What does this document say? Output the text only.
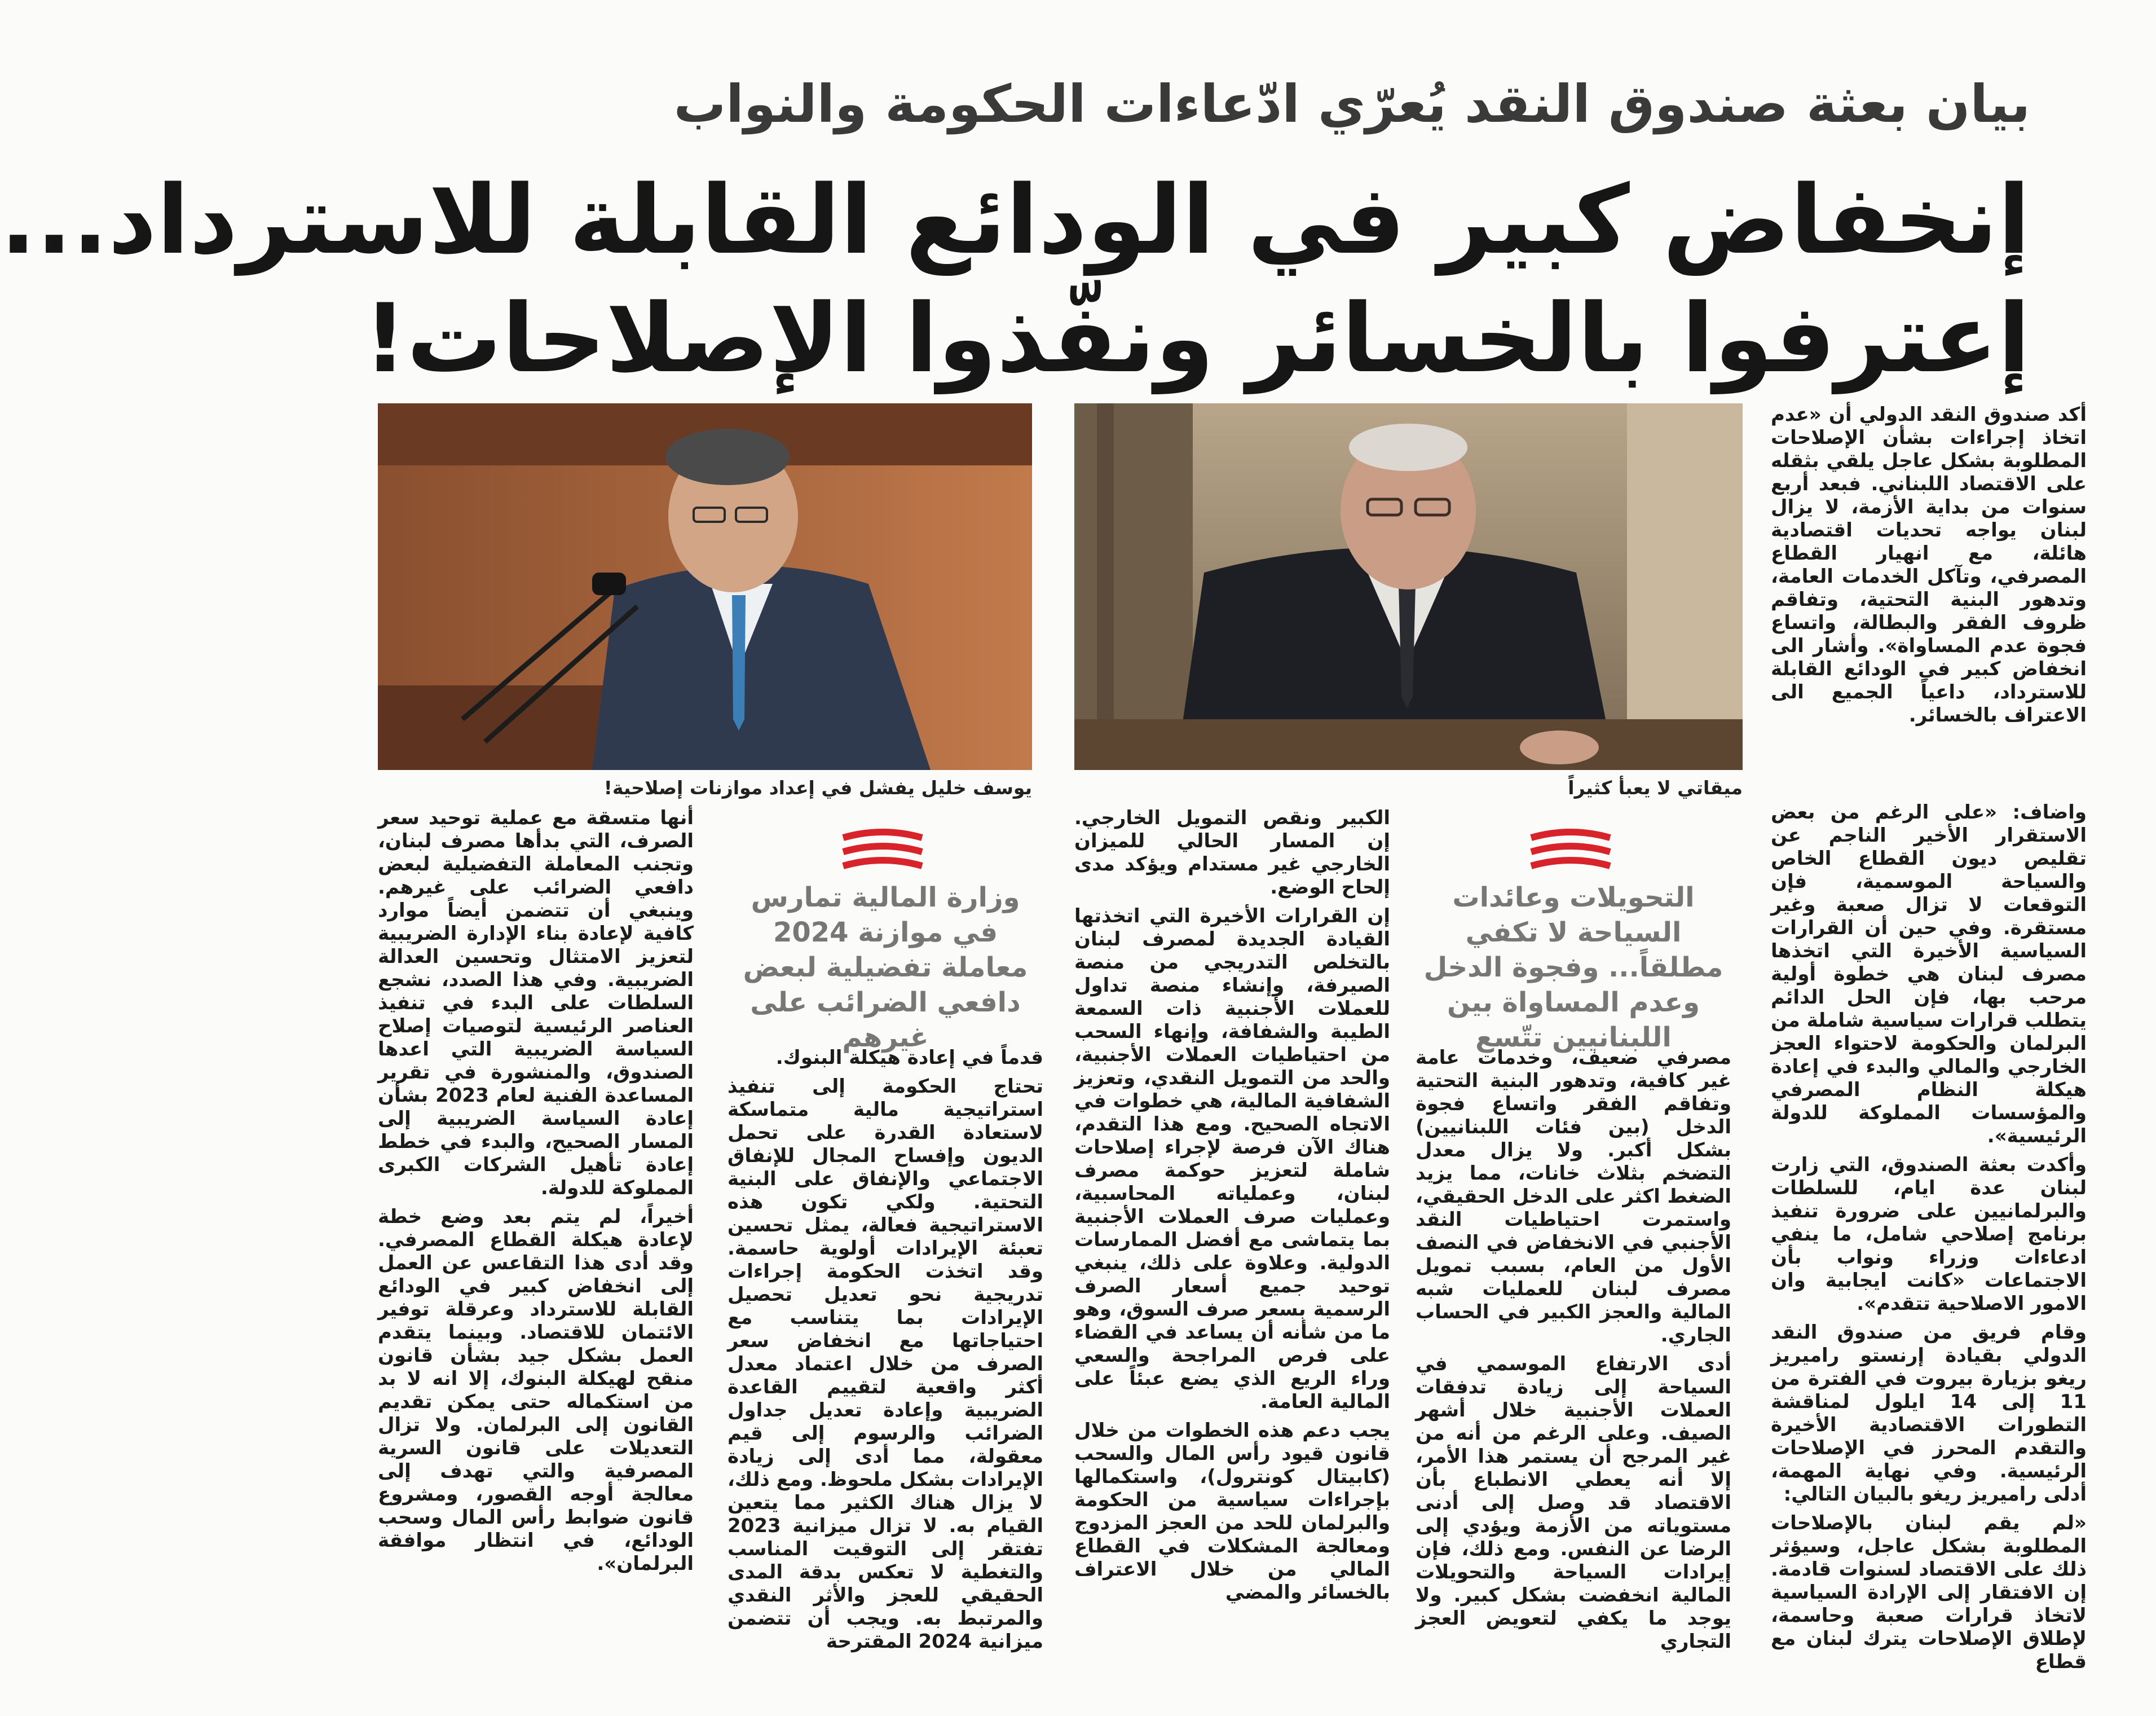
بيان بعثة صندوق النقد يُعرّي ادّعاءات الحكومة والنواب
إنخفاض كبير في الودائع القابلة للاسترداد...
إعترفوا بالخسائر ونفّذوا الإصلاحات!
ميقاتي لا يعبأ كثيراً
يوسف خليل يفشل في إعداد موازنات إصلاحية!

أكد صندوق النقد الدولي أن «عدم اتخاذ إجراءات بشأن الإصلاحات المطلوبة بشكل عاجل يلقي بثقله على الاقتصاد اللبناني. فبعد أربع سنوات من بداية الأزمة، لا يزال لبنان يواجه تحديات اقتصادية هائلة، مع انهيار القطاع المصرفي، وتآكل الخدمات العامة، وتدهور البنية التحتية، وتفاقم ظروف الفقر والبطالة، واتساع فجوة عدم المساواة». وأشار الى انخفاض كبير في الودائع القابلة للاسترداد، داعياً الجميع الى الاعتراف بالخسائر.

واضاف: «على الرغم من بعض الاستقرار الأخير الناجم عن تقليص ديون القطاع الخاص والسياحة الموسمية، فإن التوقعات لا تزال صعبة وغير مستقرة. وفي حين أن القرارات السياسية الأخيرة التي اتخذها مصرف لبنان هي خطوة أولية مرحب بها، فإن الحل الدائم يتطلب قرارات سياسية شاملة من البرلمان والحكومة لاحتواء العجز الخارجي والمالي والبدء في إعادة هيكلة النظام المصرفي والمؤسسات المملوكة للدولة الرئيسية».

وأكدت بعثة الصندوق، التي زارت لبنان عدة ايام، للسلطات والبرلمانيين على ضرورة تنفيذ برنامج إصلاحي شامل، ما ينفي ادعاءات وزراء ونواب بأن الاجتماعات «كانت ايجابية وان الامور الاصلاحية تتقدم».

وقام فريق من صندوق النقد الدولي بقيادة إرنستو راميريز ريغو بزيارة بيروت في الفترة من 11 إلى 14 ايلول لمناقشة التطورات الاقتصادية الأخيرة والتقدم المحرز في الإصلاحات الرئيسية. وفي نهاية المهمة، أدلى راميريز ريغو بالبيان التالي:

«لم يقم لبنان بالإصلاحات المطلوبة بشكل عاجل، وسيؤثر ذلك على الاقتصاد لسنوات قادمة. إن الافتقار إلى الإرادة السياسية لاتخاذ قرارات صعبة وحاسمة، لإطلاق الإصلاحات يترك لبنان مع قطاع

التحويلات وعائدات السياحة لا تكفي مطلقاً... وفجوة الدخل وعدم المساواة بين اللبنانيين تتّسع

مصرفي ضعيف، وخدمات عامة غير كافية، وتدهور البنية التحتية وتفاقم الفقر واتساع فجوة الدخل (بين فئات اللبنانيين) بشكل أكبر. ولا يزال معدل التضخم بثلاث خانات، مما يزيد الضغط اكثر على الدخل الحقيقي، واستمرت احتياطيات النقد الأجنبي في الانخفاض في النصف الأول من العام، بسبب تمويل مصرف لبنان للعمليات شبه المالية والعجز الكبير في الحساب الجاري.

أدى الارتفاع الموسمي في السياحة إلى زيادة تدفقات العملات الأجنبية خلال أشهر الصيف. وعلى الرغم من أنه من غير المرجح أن يستمر هذا الأمر، إلا أنه يعطي الانطباع بأن الاقتصاد قد وصل إلى أدنى مستوياته من الأزمة ويؤدي إلى الرضا عن النفس. ومع ذلك، فإن إيرادات السياحة والتحويلات المالية انخفضت بشكل كبير. ولا يوجد ما يكفي لتعويض العجز التجاري

الكبير ونقص التمويل الخارجي. إن المسار الحالي للميزان الخارجي غير مستدام ويؤكد مدى إلحاح الوضع.

إن القرارات الأخيرة التي اتخذتها القيادة الجديدة لمصرف لبنان بالتخلص التدريجي من منصة الصيرفة، وإنشاء منصة تداول للعملات الأجنبية ذات السمعة الطيبة والشفافة، وإنهاء السحب من احتياطيات العملات الأجنبية، والحد من التمويل النقدي، وتعزيز الشفافية المالية، هي خطوات في الاتجاه الصحيح. ومع هذا التقدم، هناك الآن فرصة لإجراء إصلاحات شاملة لتعزيز حوكمة مصرف لبنان، وعملياته المحاسبية، وعمليات صرف العملات الأجنبية بما يتماشى مع أفضل الممارسات الدولية. وعلاوة على ذلك، ينبغي توحيد جميع أسعار الصرف الرسمية بسعر صرف السوق، وهو ما من شأنه أن يساعد في القضاء على فرص المراجحة والسعي وراء الريع الذي يضع عبئاً على المالية العامة.

يجب دعم هذه الخطوات من خلال قانون قيود رأس المال والسحب (كابيتال كونترول)، واستكمالها بإجراءات سياسية من الحكومة والبرلمان للحد من العجز المزدوج ومعالجة المشكلات في القطاع المالي من خلال الاعتراف بالخسائر والمضي

وزارة المالية تمارس في موازنة 2024 معاملة تفضيلية لبعض دافعي الضرائب على غيرهم

قدماً في إعادة هيكلة البنوك.

تحتاج الحكومة إلى تنفيذ استراتيجية مالية متماسكة لاستعادة القدرة على تحمل الديون وإفساح المجال للإنفاق الاجتماعي والإنفاق على البنية التحتية. ولكي تكون هذه الاستراتيجية فعالة، يمثل تحسين تعبئة الإيرادات أولوية حاسمة. وقد اتخذت الحكومة إجراءات تدريجية نحو تعديل تحصيل الإيرادات بما يتناسب مع احتياجاتها مع انخفاض سعر الصرف من خلال اعتماد معدل أكثر واقعية لتقييم القاعدة الضريبية وإعادة تعديل جداول الضرائب والرسوم إلى قيم معقولة، مما أدى إلى زيادة الإيرادات بشكل ملحوظ. ومع ذلك، لا يزال هناك الكثير مما يتعين القيام به. لا تزال ميزانية 2023 تفتقر إلى التوقيت المناسب والتغطية لا تعكس بدقة المدى الحقيقي للعجز والأثر النقدي والمرتبط به. ويجب أن تتضمن ميزانية 2024 المقترحة

أنها متسقة مع عملية توحيد سعر الصرف، التي بدأها مصرف لبنان، وتجنب المعاملة التفضيلية لبعض دافعي الضرائب على غيرهم. وينبغي أن تتضمن أيضاً موارد كافية لإعادة بناء الإدارة الضريبية لتعزيز الامتثال وتحسين العدالة الضريبية. وفي هذا الصدد، نشجع السلطات على البدء في تنفيذ العناصر الرئيسية لتوصيات إصلاح السياسة الضريبية التي اعدها الصندوق، والمنشورة في تقرير المساعدة الفنية لعام 2023 بشأن إعادة السياسة الضريبية إلى المسار الصحيح، والبدء في خطط إعادة تأهيل الشركات الكبرى المملوكة للدولة.

أخيراً، لم يتم بعد وضع خطة لإعادة هيكلة القطاع المصرفي. وقد أدى هذا التقاعس عن العمل إلى انخفاض كبير في الودائع القابلة للاسترداد وعرقلة توفير الائتمان للاقتصاد. وبينما يتقدم العمل بشكل جيد بشأن قانون منقح لهيكلة البنوك، إلا انه لا بد من استكماله حتى يمكن تقديم القانون إلى البرلمان. ولا تزال التعديلات على قانون السرية المصرفية والتي تهدف إلى معالجة أوجه القصور، ومشروع قانون ضوابط رأس المال وسحب الودائع، في انتظار موافقة البرلمان».
